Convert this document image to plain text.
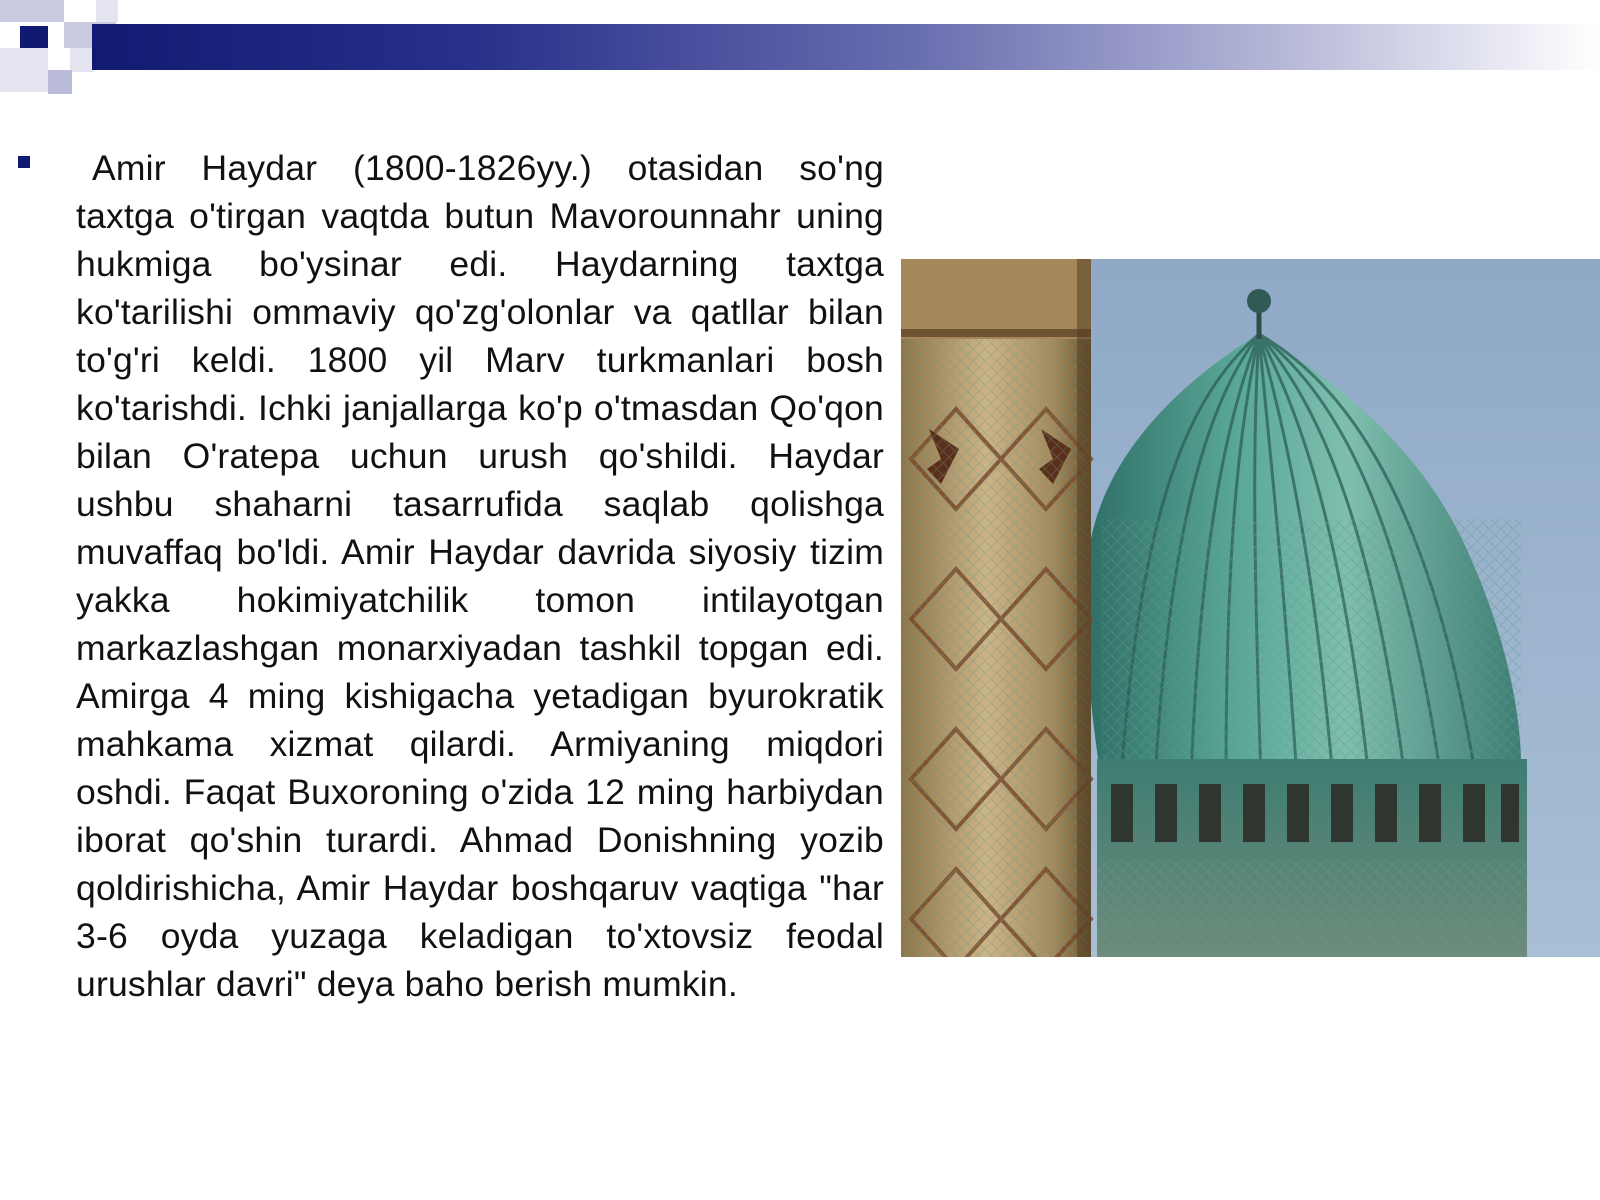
Amir Haydar (1800-1826yy.) otasidan so'ng taxtga o'tirgan vaqtda butun Mavorounnahr uning hukmiga bo'ysinar edi. Haydarning taxtga ko'tarilishi ommaviy qo'zg'olonlar va qatllar bilan to'g'ri keldi. 1800 yil Marv turkmanlari bosh ko'tarishdi. Ichki janjallarga ko'p o'tmasdan Qo'qon bilan O'ratepa uchun urush qo'shildi. Haydar ushbu shaharni tasarrufida saqlab qolishga muvaffaq bo'ldi. Amir Haydar davrida siyosiy tizim yakka hokimiyatchilik tomon intilayotgan markazlashgan monarxiyadan tashkil topgan edi. Amirga 4 ming kishigacha yetadigan byurokratik mahkama xizmat qilardi. Armiyaning miqdori oshdi. Faqat Buxoroning o'zida 12 ming harbiydan iborat qo'shin turardi. Ahmad Donishning yozib qoldirishicha, Amir Haydar boshqaruv vaqtiga "har 3-6 oyda yuzaga keladigan to'xtovsiz feodal urushlar davri" deya baho berish mumkin.
